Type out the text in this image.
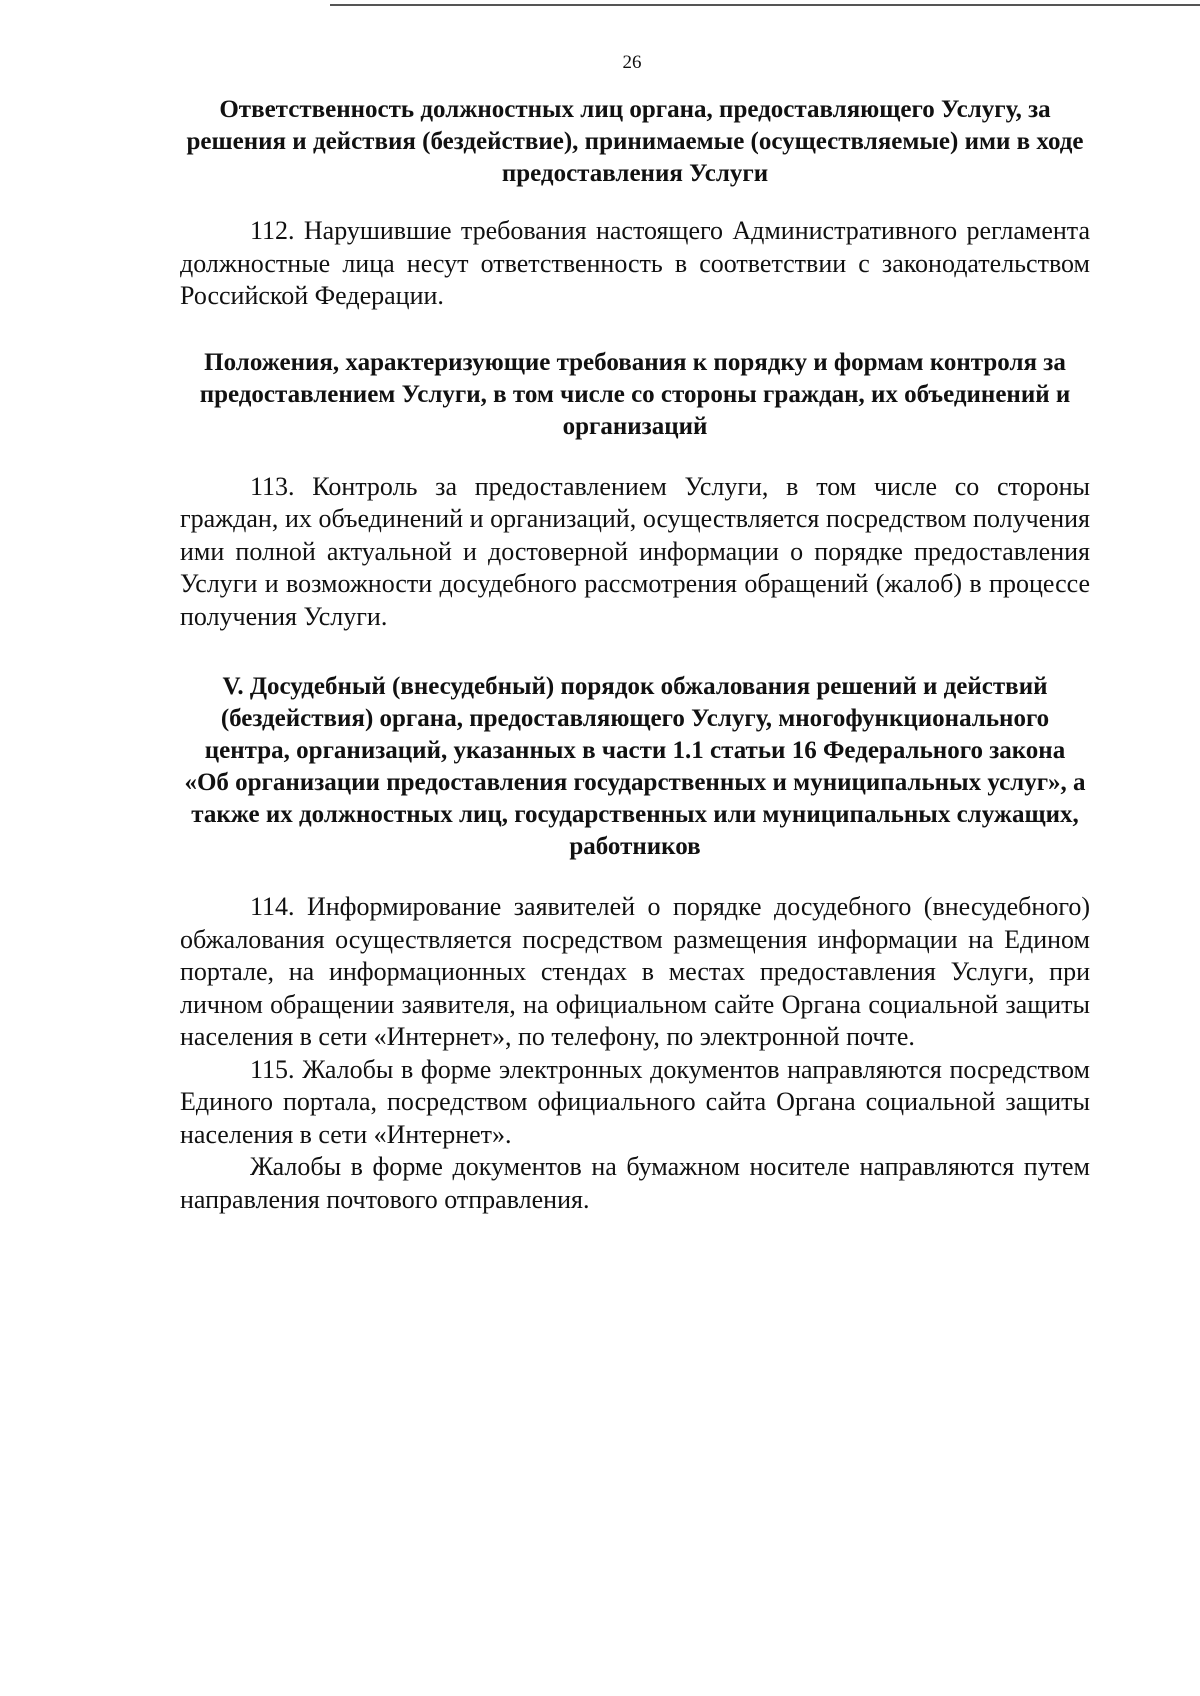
26
Ответственность должностных лиц органа, предоставляющего Услугу, за решения и действия (бездействие), принимаемые (осуществляемые) ими в ходе предоставления Услуги

112. Нарушившие требования настоящего Административного регламента должностные лица несут ответственность в соответствии с законодательством Российской Федерации.

Положения, характеризующие требования к порядку и формам контроля за предоставлением Услуги, в том числе со стороны граждан, их объединений и организаций

113. Контроль за предоставлением Услуги, в том числе со стороны граждан, их объединений и организаций, осуществляется посредством получения ими полной актуальной и достоверной информации о порядке предоставления Услуги и возможности досудебного рассмотрения обращений (жалоб) в процессе получения Услуги.

V. Досудебный (внесудебный) порядок обжалования решений и действий (бездействия) органа, предоставляющего Услугу, многофункционального центра, организаций, указанных в части 1.1 статьи 16 Федерального закона «Об организации предоставления государственных и муниципальных услуг», а также их должностных лиц, государственных или муниципальных служащих, работников

114. Информирование заявителей о порядке досудебного (внесудебного) обжалования осуществляется посредством размещения информации на Едином портале, на информационных стендах в местах предоставления Услуги, при личном обращении заявителя, на официальном сайте Органа социальной защиты населения в сети «Интернет», по телефону, по электронной почте.

115. Жалобы в форме электронных документов направляются посредством Единого портала, посредством официального сайта Органа социальной защиты населения в сети «Интернет».

Жалобы в форме документов на бумажном носителе направляются путем направления почтового отправления.
